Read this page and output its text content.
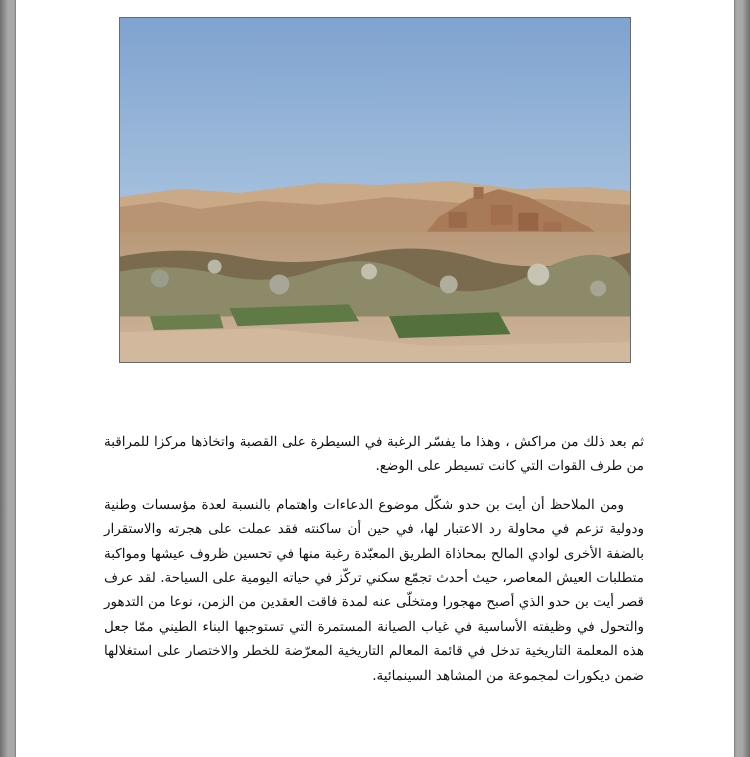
ثم بعد ذلك من مراكش ، وهذا ما يفسّر الرغبة في السيطرة على القصبة واتخاذها مركزا للمراقبة من طرف القوات التي كانت تسيطر على الوضع.

ومن الملاحظ أن أيت بن حدو شكّل موضوع الدعاءات واهتمام بالنسبة لعدة مؤسسات وطنية ودولية تزعم في محاولة رد الاعتبار لها، في حين أن ساكنته فقد عملت على هجرته والاستقرار بالضفة الأخرى لوادي المالح بمحاذاة الطريق المعبّدة رغبة منها في تحسين ظروف عيشها ومواكبة متطلبات العيش المعاصر، حيث أحدث تجمّع سكني تركّز في حياته اليومية على السياحة. لقد عرف قصر أيت بن حدو الذي أصبح مهجورا ومتخلّى عنه لمدة فاقت العقدين من الزمن، نوعا من التدهور والتحول في وظيفته الأساسية في غياب الصيانة المستمرة التي تستوجبها البناء الطيني ممّا جعل هذه المعلمة التاريخية تدخل في قائمة المعالم التاريخية المعرّضة للخطر والاختصار على استغلالها ضمن ديكورات لمجموعة من المشاهد السينمائية.
